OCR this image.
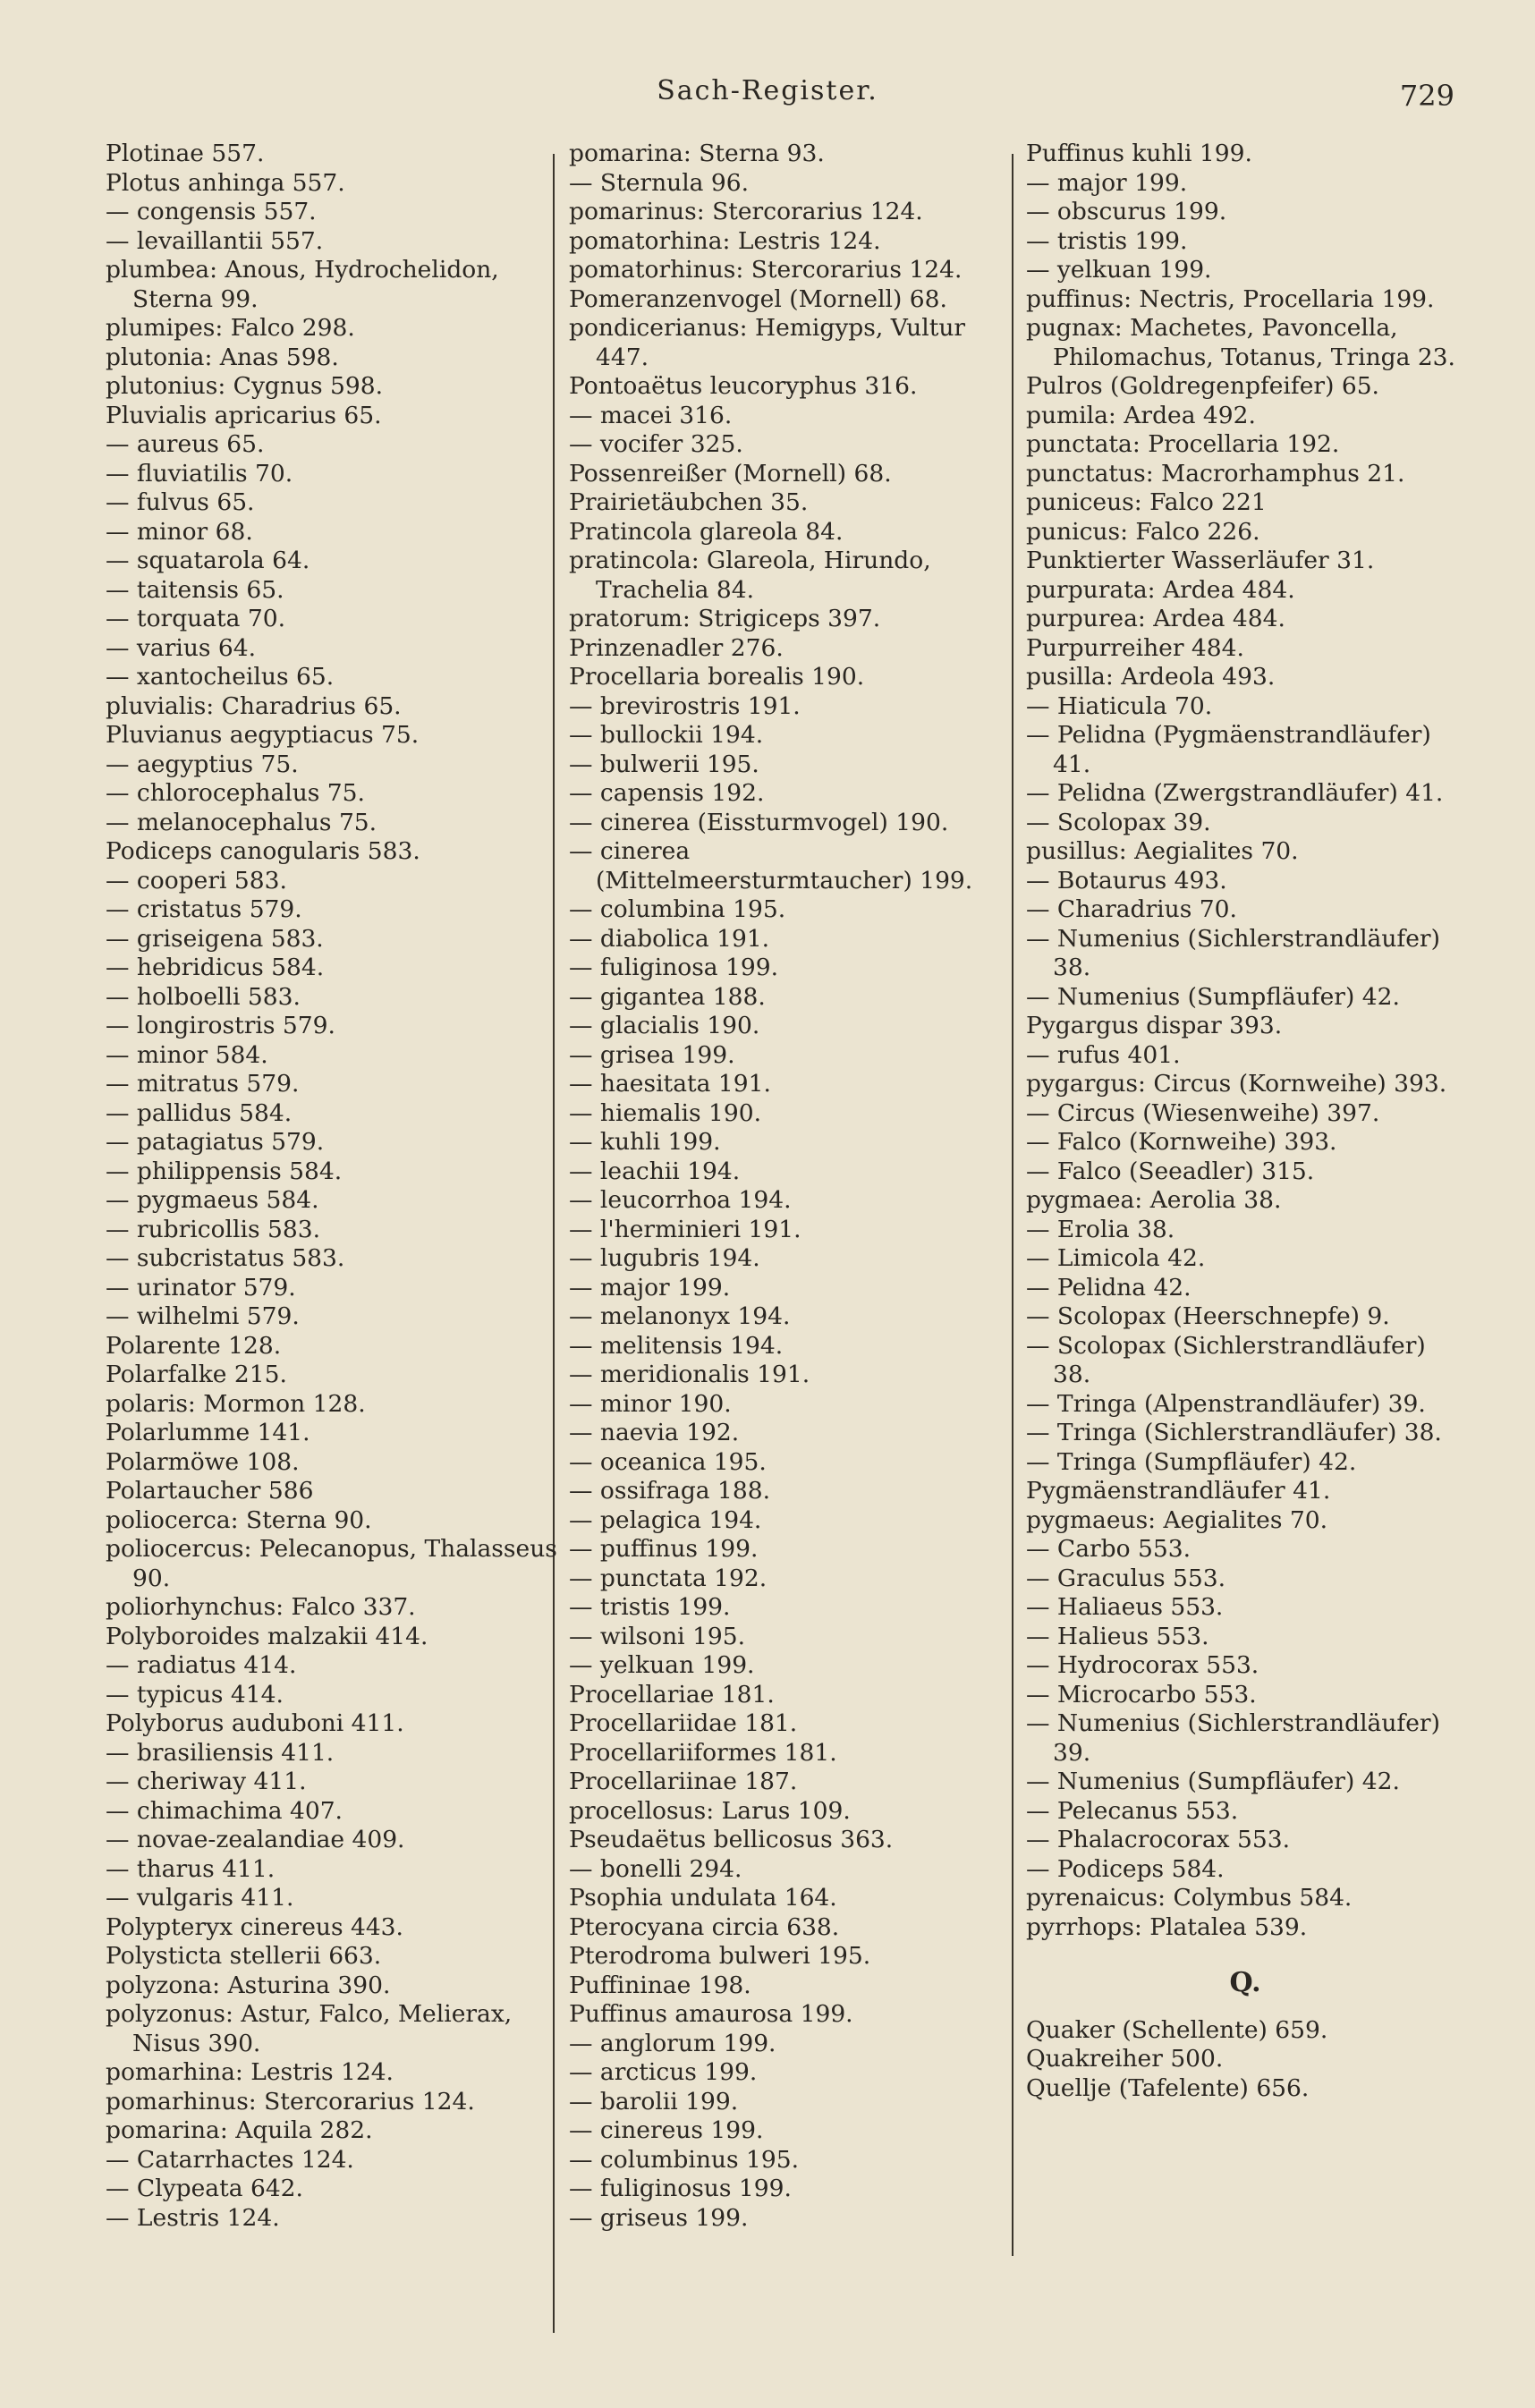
Sach-Register.	729

Plotinae 557.

Plotus anhinga 557.

— congensis 557.

— levaillantii 557.

plumbea: Anous, Hydrochelidon, Sterna 99.

plumipes: Falco 298.

plutonia: Anas 598.

plutonius: Cygnus 598.

Pluvialis apricarius 65.

— aureus 65.

— fluviatilis 70.

— fulvus 65.

— minor 68.

— squatarola 64.

— taitensis 65.

— torquata 70.

— varius 64.

— xantocheilus 65.

pluvialis: Charadrius 65.

Pluvianus aegyptiacus 75.

— aegyptius 75.

— chlorocephalus 75.

— melanocephalus 75.

Podiceps canogularis 583.

— cooperi 583.

— cristatus 579.

— griseigena 583.

— hebridicus 584.

— holboelli 583.

— longirostris 579.

— minor 584.

— mitratus 579.

— pallidus 584.

— patagiatus 579.

— philippensis 584.

— pygmaeus 584.

— rubricollis 583.

— subcristatus 583.

— urinator 579.

— wilhelmi 579.

Polarente 128.

Polarfalke 215.

polaris: Mormon 128.

Polarlumme 141.

Polarmöwe 108.

Polartaucher 586

poliocerca: Sterna 90.

poliocercus: Pelecanopus, Thalasseus 90.

poliorhynchus: Falco 337.

Polyboroides malzakii 414.

— radiatus 414.

— typicus 414.

Polyborus auduboni 411.

— brasiliensis 411.

— cheriway 411.

— chimachima 407.

— novae-zealandiae 409.

— tharus 411.

— vulgaris 411.

Polypteryx cinereus 443.

Polysticta stellerii 663.

polyzona: Asturina 390.

polyzonus: Astur, Falco, Melierax, Nisus 390.

pomarhina: Lestris 124.

pomarhinus: Stercorarius 124.

pomarina: Aquila 282.

— Catarrhactes 124.

— Clypeata 642.

— Lestris 124.

pomarina: Sterna 93.

— Sternula 96.

pomarinus: Stercorarius 124.

pomatorhina: Lestris 124.

pomatorhinus: Stercorarius 124.

Pomeranzenvogel (Mornell) 68.

pondicerianus: Hemigyps, Vultur 447.

Pontoaëtus leucoryphus 316.

— macei 316.

— vocifer 325.

Possenreißer (Mornell) 68.

Prairietäubchen 35.

Pratincola glareola 84.

pratincola: Glareola, Hirundo, Trachelia 84.

pratorum: Strigiceps 397.

Prinzenadler 276.

Procellaria borealis 190.

— brevirostris 191.

— bullockii 194.

— bulwerii 195.

— capensis 192.

— cinerea (Eissturmvogel) 190.

— cinerea (Mittelmeersturmtaucher) 199.

— columbina 195.

— diabolica 191.

— fuliginosa 199.

— gigantea 188.

— glacialis 190.

— grisea 199.

— haesitata 191.

— hiemalis 190.

— kuhli 199.

— leachii 194.

— leucorrhoa 194.

— l'herminieri 191.

— lugubris 194.

— major 199.

— melanonyx 194.

— melitensis 194.

— meridionalis 191.

— minor 190.

— naevia 192.

— oceanica 195.

— ossifraga 188.

— pelagica 194.

— puffinus 199.

— punctata 192.

— tristis 199.

— wilsoni 195.

— yelkuan 199.

Procellariae 181.

Procellariidae 181.

Procellariiformes 181.

Procellariinae 187.

procellosus: Larus 109.

Pseudaëtus bellicosus 363.

— bonelli 294.

Psophia undulata 164.

Pterocyana circia 638.

Pterodroma bulweri 195.

Puffininae 198.

Puffinus amaurosa 199.

— anglorum 199.

— arcticus 199.

— barolii 199.

— cinereus 199.

— columbinus 195.

— fuliginosus 199.

— griseus 199.

Puffinus kuhli 199.

— major 199.

— obscurus 199.

— tristis 199.

— yelkuan 199.

puffinus: Nectris, Procellaria 199.

pugnax: Machetes, Pavoncella, Philomachus, Totanus, Tringa 23.

Pulros (Goldregenpfeifer) 65.

pumila: Ardea 492.

punctata: Procellaria 192.

punctatus: Macrorhamphus 21.

puniceus: Falco 221

punicus: Falco 226.

Punktierter Wasserläufer 31.

purpurata: Ardea 484.

purpurea: Ardea 484.

Purpurreiher 484.

pusilla: Ardeola 493.

— Hiaticula 70.

— Pelidna (Pygmäenstrandläufer) 41.

— Pelidna (Zwergstrandläufer) 41.

— Scolopax 39.

pusillus: Aegialites 70.

— Botaurus 493.

— Charadrius 70.

— Numenius (Sichlerstrandläufer) 38.

— Numenius (Sumpfläufer) 42.

Pygargus dispar 393.

— rufus 401.

pygargus: Circus (Kornweihe) 393.

— Circus (Wiesenweihe) 397.

— Falco (Kornweihe) 393.

— Falco (Seeadler) 315.

pygmaea: Aerolia 38.

— Erolia 38.

— Limicola 42.

— Pelidna 42.

— Scolopax (Heerschnepfe) 9.

— Scolopax (Sichlerstrandläufer) 38.

— Tringa (Alpenstrandläufer) 39.

— Tringa (Sichlerstrandläufer) 38.

— Tringa (Sumpfläufer) 42.

Pygmäenstrandläufer 41.

pygmaeus: Aegialites 70.

— Carbo 553.

— Graculus 553.

— Haliaeus 553.

— Halieus 553.

— Hydrocorax 553.

— Microcarbo 553.

— Numenius (Sichlerstrandläufer) 39.

— Numenius (Sumpfläufer) 42.

— Pelecanus 553.

— Phalacrocorax 553.

— Podiceps 584.

pyrenaicus: Colymbus 584.

pyrrhops: Platalea 539.

Q.

Quaker (Schellente) 659.

Quakreiher 500.

Quellje (Tafelente) 656.
